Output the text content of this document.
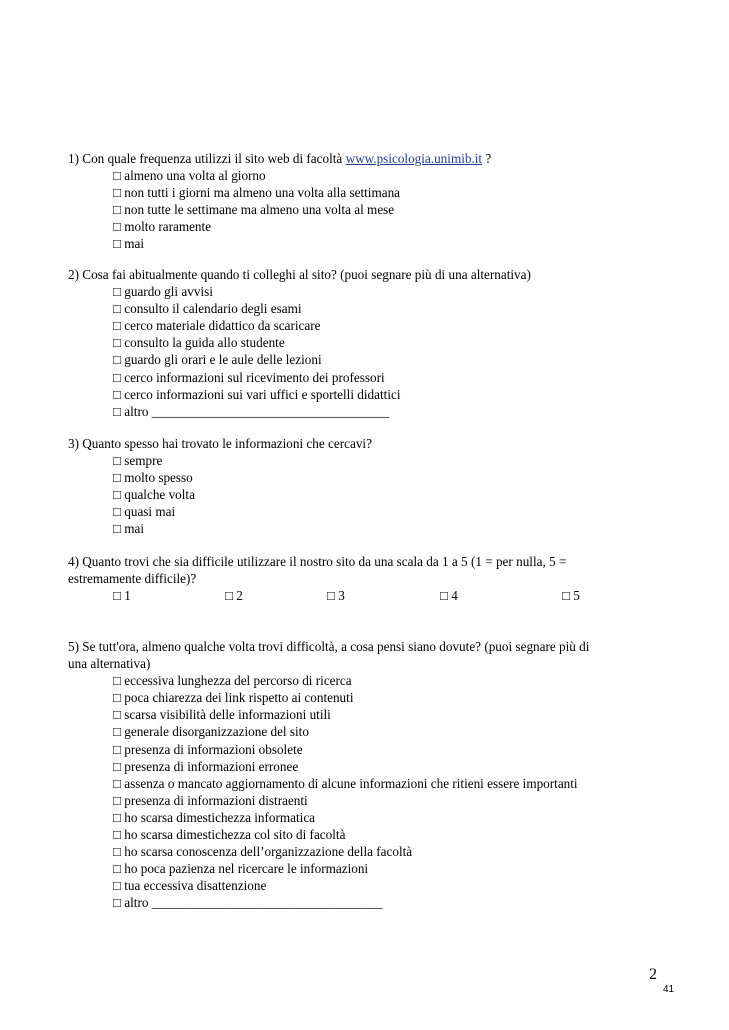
1) Con quale frequenza utilizzi il sito web di facoltà www.psicologia.unimib.it ?
□ almeno una volta al giorno
□ non tutti i giorni ma almeno una volta alla settimana
□ non tutte le settimane ma almeno una volta al mese
□ molto raramente
□ mai
2) Cosa fai abitualmente quando ti colleghi al sito? (puoi segnare più di una alternativa)
□ guardo gli avvisi
□ consulto il calendario degli esami
□ cerco materiale didattico da scaricare
□ consulto la guida allo studente
□ guardo gli orari e le aule delle lezioni
□ cerco informazioni sul ricevimento dei professori
□ cerco informazioni sui vari uffici e sportelli didattici
□ altro ____________________________________
3) Quanto spesso hai trovato le informazioni che cercavi?
□ sempre
□ molto spesso
□ qualche volta
□ quasi mai
□ mai
4) Quanto trovi che sia difficile utilizzare il nostro sito da una scala da 1 a 5 (1 = per nulla, 5 =
estremamente difficile)?
□ 1	□ 2	□ 3	□ 4	□ 5
5) Se tutt'ora, almeno qualche volta trovi difficoltà, a cosa pensi siano dovute? (puoi segnare più di
una alternativa)
□ eccessiva lunghezza del percorso di ricerca
□ poca chiarezza dei link rispetto ai contenuti
□ scarsa visibilità delle informazioni utili
□ generale disorganizzazione del sito
□ presenza di informazioni obsolete
□ presenza di informazioni erronee
□ assenza o mancato aggiornamento di alcune informazioni che ritieni essere importanti
□ presenza di informazioni distraenti
□ ho scarsa dimestichezza informatica
□ ho scarsa dimestichezza col sito di facoltà
□ ho scarsa conoscenza dell’organizzazione della facoltà
□ ho poca pazienza nel ricercare le informazioni
□ tua eccessiva disattenzione
□ altro ___________________________________
2
41
